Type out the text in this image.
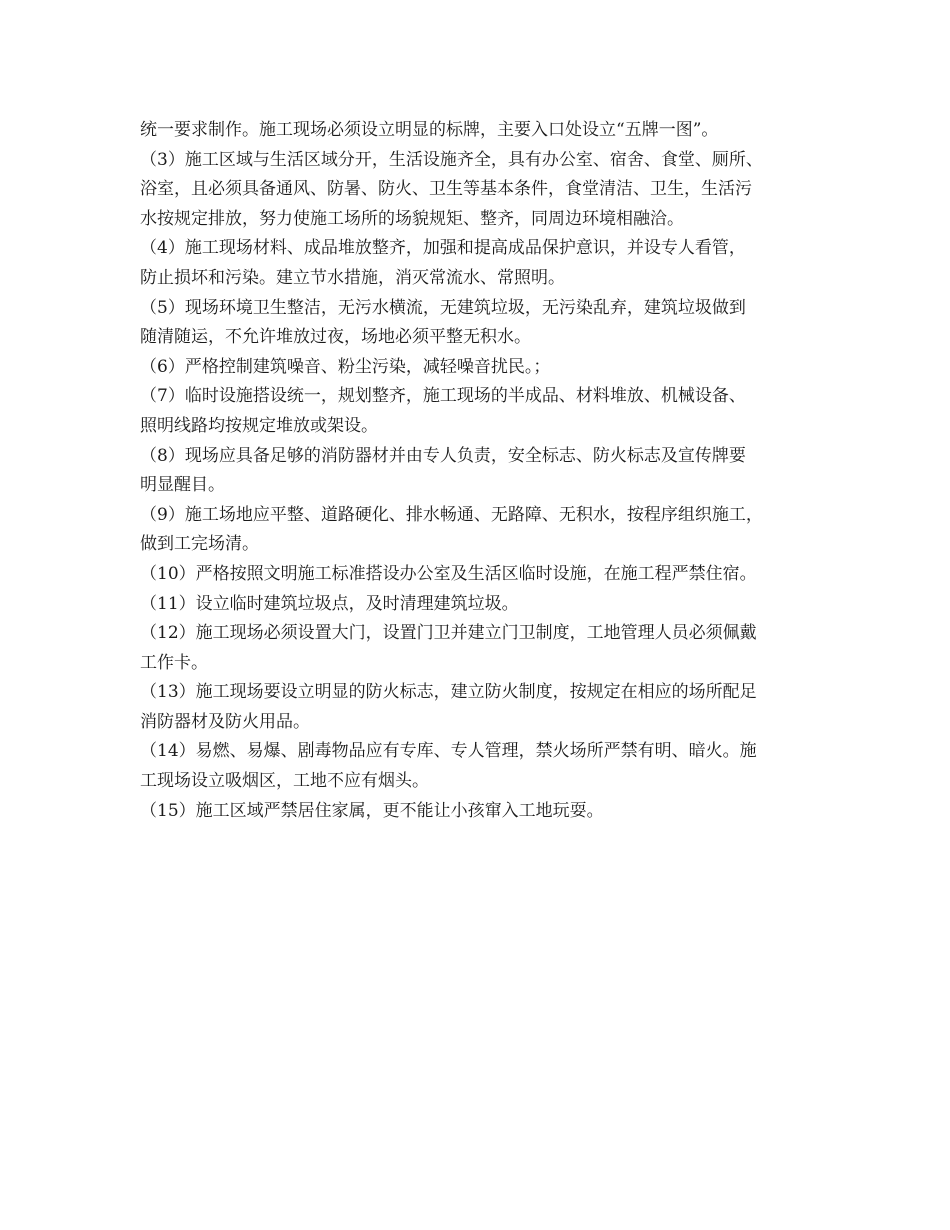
统一要求制作。施工现场必须设立明显的标牌，主要入口处设立“五牌一图”。
（3）施工区域与生活区域分开，生活设施齐全，具有办公室、宿舍、食堂、厕所、
浴室，且必须具备通风、防暑、防火、卫生等基本条件，食堂清洁、卫生，生活污
水按规定排放，努力使施工场所的场貌规矩、整齐，同周边环境相融洽。
（4）施工现场材料、成品堆放整齐，加强和提高成品保护意识，并设专人看管，
防止损坏和污染。建立节水措施，消灭常流水、常照明。
（5）现场环境卫生整洁，无污水横流，无建筑垃圾，无污染乱弃，建筑垃圾做到
随清随运，不允许堆放过夜，场地必须平整无积水。
（6）严格控制建筑噪音、粉尘污染，减轻噪音扰民。；
（7）临时设施搭设统一，规划整齐，施工现场的半成品、材料堆放、机械设备、
照明线路均按规定堆放或架设。
（8）现场应具备足够的消防器材并由专人负责，安全标志、防火标志及宣传牌要
明显醒目。
（9）施工场地应平整、道路硬化、排水畅通、无路障、无积水，按程序组织施工，
做到工完场清。
（10）严格按照文明施工标准搭设办公室及生活区临时设施，在施工程严禁住宿。
（11）设立临时建筑垃圾点，及时清理建筑垃圾。
（12）施工现场必须设置大门，设置门卫并建立门卫制度，工地管理人员必须佩戴
工作卡。
（13）施工现场要设立明显的防火标志，建立防火制度，按规定在相应的场所配足
消防器材及防火用品。
（14）易燃、易爆、剧毒物品应有专库、专人管理，禁火场所严禁有明、暗火。施
工现场设立吸烟区，工地不应有烟头。
（15）施工区域严禁居住家属，更不能让小孩窜入工地玩耍。
